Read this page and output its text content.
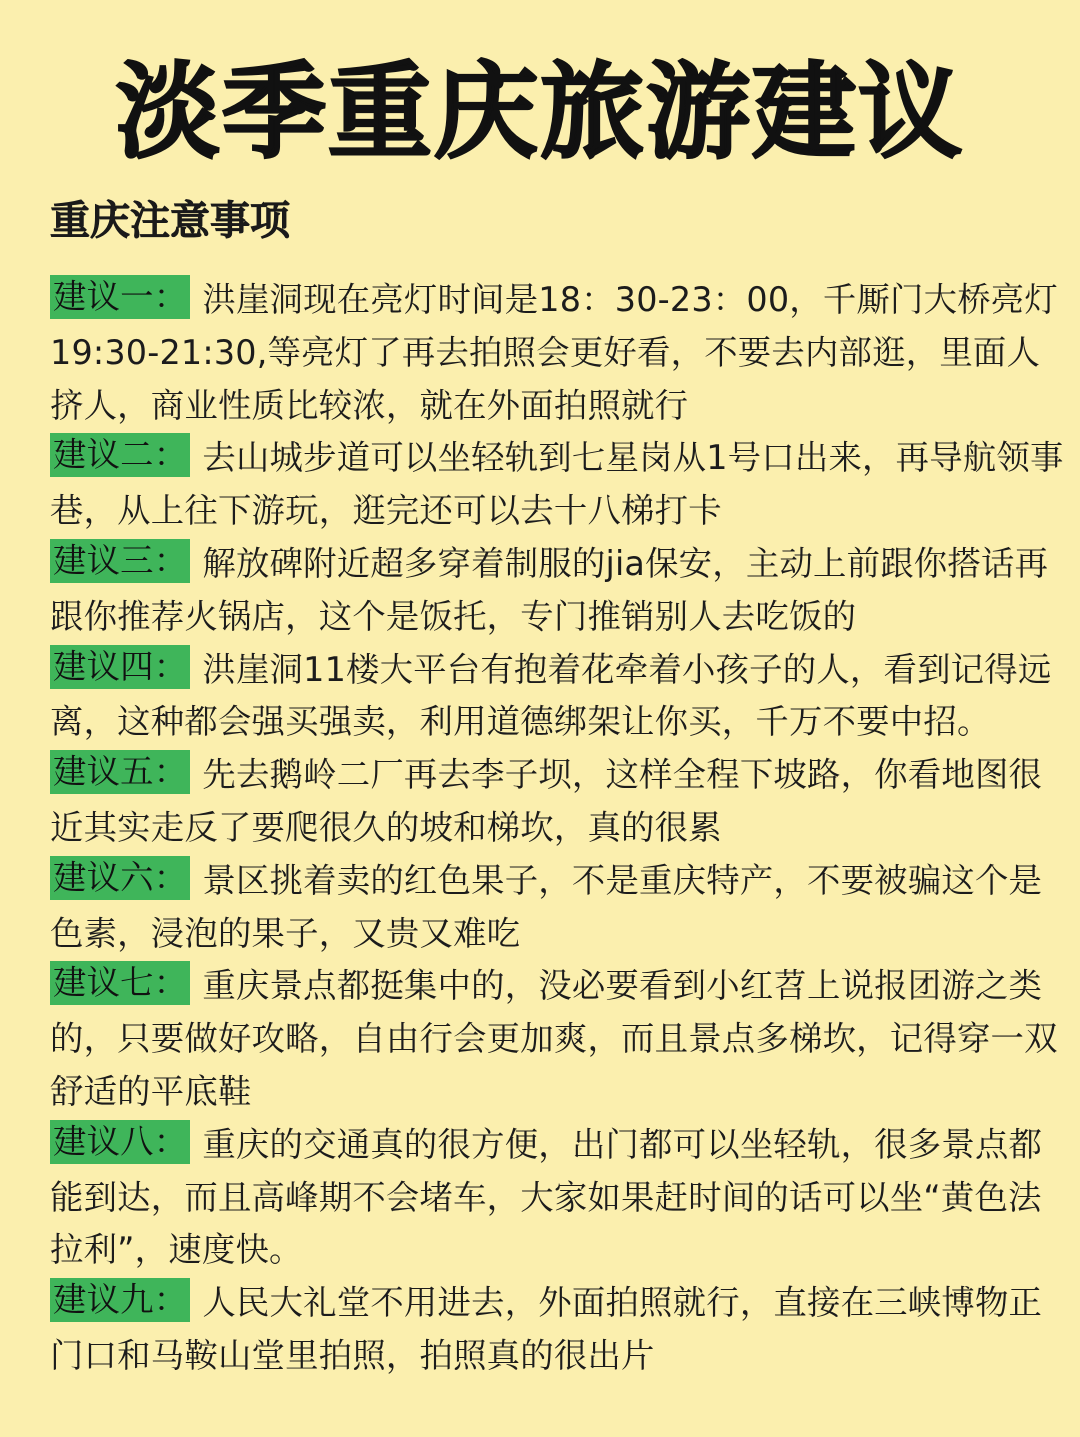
淡季重庆旅游建议
重庆注意事项
建议一： 洪崖洞现在亮灯时间是18：30-23：00，千厮门大桥亮灯19:30-21:30,等亮灯了再去拍照会更好看，不要去内部逛，里面人挤人，商业性质比较浓，就在外面拍照就行
建议二： 去山城步道可以坐轻轨到七星岗从1号口出来，再导航领事巷，从上往下游玩，逛完还可以去十八梯打卡
建议三： 解放碑附近超多穿着制服的jia保安，主动上前跟你搭话再跟你推荐火锅店，这个是饭托，专门推销别人去吃饭的
建议四： 洪崖洞11楼大平台有抱着花牵着小孩子的人，看到记得远离，这种都会强买强卖，利用道德绑架让你买，千万不要中招。
建议五： 先去鹅岭二厂再去李子坝，这样全程下坡路，你看地图很近其实走反了要爬很久的坡和梯坎，真的很累
建议六： 景区挑着卖的红色果子，不是重庆特产，不要被骗这个是色素，浸泡的果子，又贵又难吃
建议七： 重庆景点都挺集中的，没必要看到小红苕上说报团游之类的，只要做好攻略，自由行会更加爽，而且景点多梯坎，记得穿一双舒适的平底鞋
建议八： 重庆的交通真的很方便，出门都可以坐轻轨，很多景点都能到达，而且高峰期不会堵车，大家如果赶时间的话可以坐“黄色法拉利”，速度快。
建议九： 人民大礼堂不用进去，外面拍照就行，直接在三峡博物正门口和马鞍山堂里拍照，拍照真的很出片
